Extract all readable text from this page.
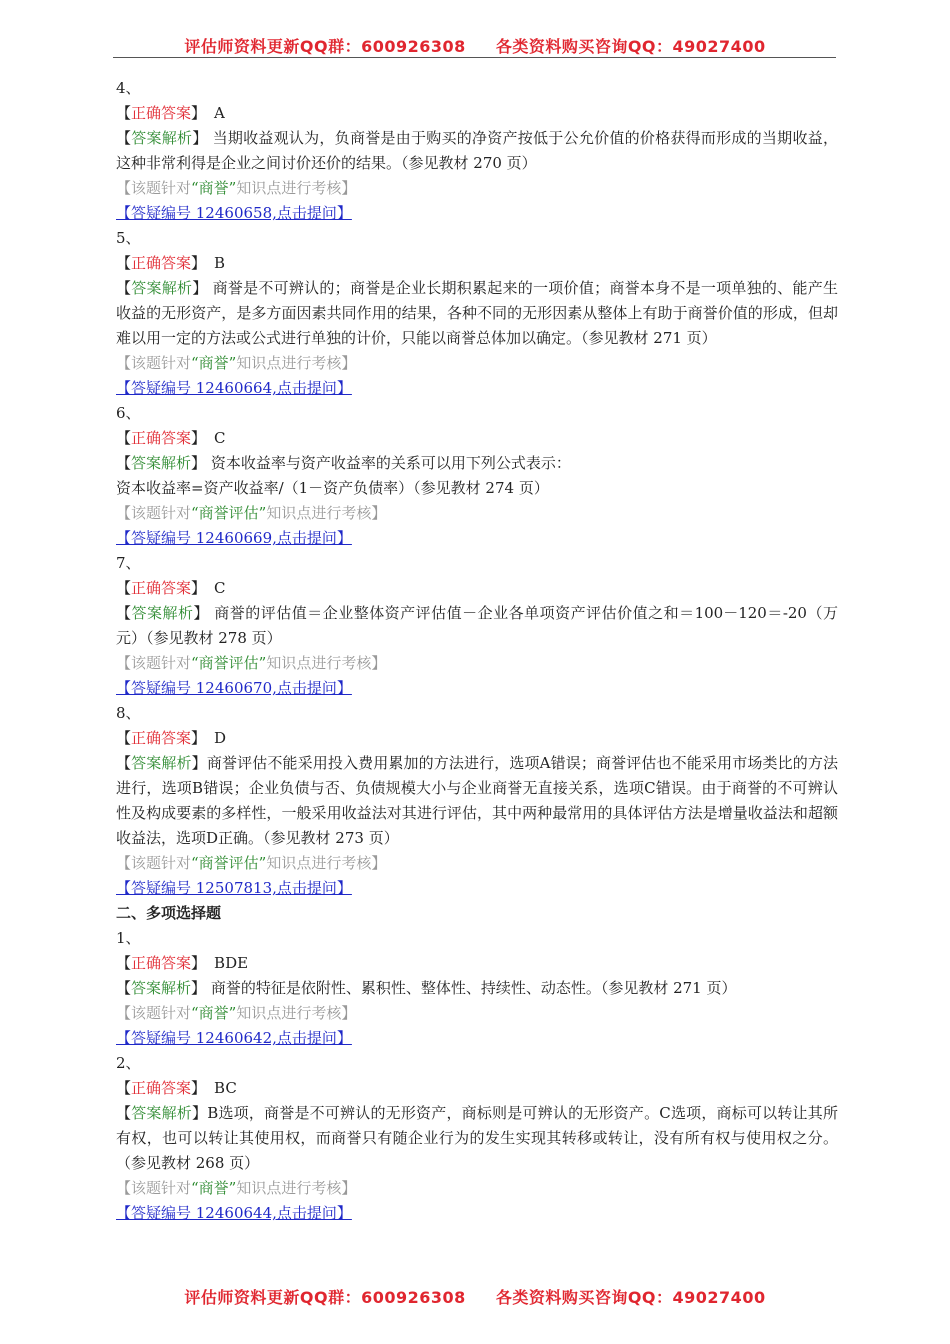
评估师资料更新QQ群：600926308 各类资料购买咨询QQ：49027400
4、
【正确答案】 A
【答案解析】 当期收益观认为，负商誉是由于购买的净资产按低于公允价值的价格获得而形成的当期收益，这种非常利得是企业之间讨价还价的结果。（参见教材 270 页）
【该题针对“商誉”知识点进行考核】
【答疑编号 12460658,点击提问】
5、
【正确答案】 B
【答案解析】 商誉是不可辨认的；商誉是企业长期积累起来的一项价值；商誉本身不是一项单独的、能产生收益的无形资产，是多方面因素共同作用的结果，各种不同的无形因素从整体上有助于商誉价值的形成，但却难以用一定的方法或公式进行单独的计价，只能以商誉总体加以确定。（参见教材 271 页）
【该题针对“商誉”知识点进行考核】
【答疑编号 12460664,点击提问】
6、
【正确答案】 C
【答案解析】 资本收益率与资产收益率的关系可以用下列公式表示：
资本收益率=资产收益率/（1－资产负债率）（参见教材 274 页）
【该题针对“商誉评估”知识点进行考核】
【答疑编号 12460669,点击提问】
7、
【正确答案】 C
【答案解析】 商誉的评估值＝企业整体资产评估值－企业各单项资产评估价值之和＝100－120＝-20（万元）（参见教材 278 页）
【该题针对“商誉评估”知识点进行考核】
【答疑编号 12460670,点击提问】
8、
【正确答案】 D
【答案解析】商誉评估不能采用投入费用累加的方法进行，选项A错误；商誉评估也不能采用市场类比的方法进行，选项B错误；企业负债与否、负债规模大小与企业商誉无直接关系，选项C错误。由于商誉的不可辨认性及构成要素的多样性，一般采用收益法对其进行评估，其中两种最常用的具体评估方法是增量收益法和超额收益法，选项D正确。（参见教材 273 页）
【该题针对“商誉评估”知识点进行考核】
【答疑编号 12507813,点击提问】
二、多项选择题
1、
【正确答案】 BDE
【答案解析】 商誉的特征是依附性、累积性、整体性、持续性、动态性。（参见教材 271 页）
【该题针对“商誉”知识点进行考核】
【答疑编号 12460642,点击提问】
2、
【正确答案】 BC
【答案解析】B选项，商誉是不可辨认的无形资产，商标则是可辨认的无形资产。C选项，商标可以转让其所有权，也可以转让其使用权，而商誉只有随企业行为的发生实现其转移或转让，没有所有权与使用权之分。（参见教材 268 页）
【该题针对“商誉”知识点进行考核】
【答疑编号 12460644,点击提问】
评估师资料更新QQ群：600926308 各类资料购买咨询QQ：49027400
